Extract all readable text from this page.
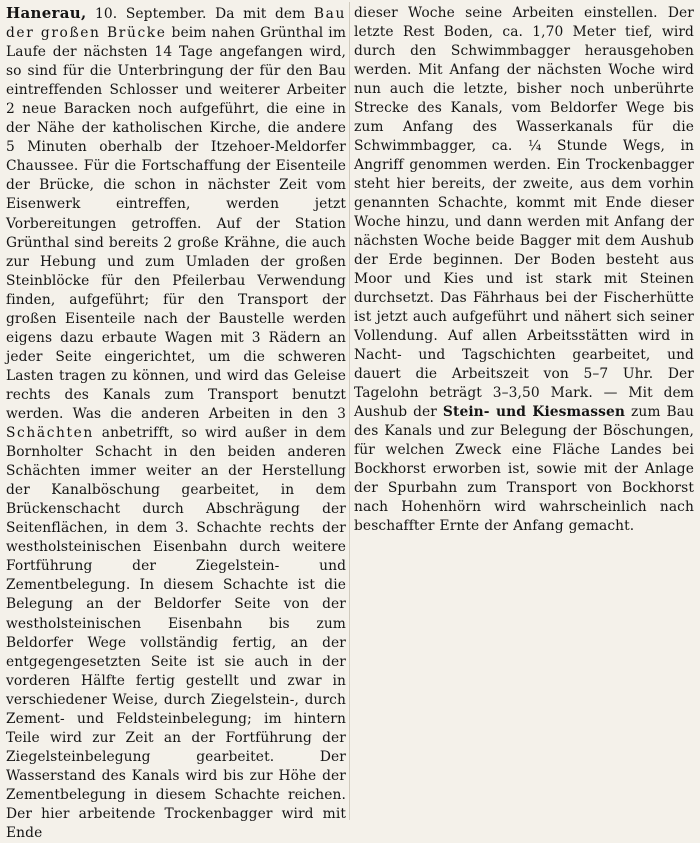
Hanerau, 10. September. Da mit dem Bau der großen Brücke beim nahen Grünthal im Laufe der nächsten 14 Tage angefangen wird, so sind für die Unterbringung der für den Bau eintreffenden Schlosser und weiterer Arbeiter 2 neue Baracken noch aufgeführt, die eine in der Nähe der katholischen Kirche, die andere 5 Minuten oberhalb der Itzehoer-Meldorfer Chaussee. Für die Fortschaffung der Eisenteile der Brücke, die schon in nächster Zeit vom Eisenwerk eintreffen, werden jetzt Vorbereitungen getroffen. Auf der Station Grünthal sind bereits 2 große Krähne, die auch zur Hebung und zum Umladen der großen Steinblöcke für den Pfeilerbau Verwendung finden, aufgeführt; für den Transport der großen Eisenteile nach der Baustelle werden eigens dazu erbaute Wagen mit 3 Rädern an jeder Seite eingerichtet, um die schweren Lasten tragen zu können, und wird das Geleise rechts des Kanals zum Transport benutzt werden. Was die anderen Arbeiten in den 3 Schächten anbetrifft, so wird außer in dem Bornholter Schacht in den beiden anderen Schächten immer weiter an der Herstellung der Kanalböschung gearbeitet, in dem Brückenschacht durch Abschrägung der Seitenflächen, in dem 3. Schachte rechts der westholsteinischen Eisenbahn durch weitere Fortführung der Ziegelstein- und Zementbelegung. In diesem Schachte ist die Belegung an der Beldorfer Seite von der westholsteinischen Eisenbahn bis zum Beldorfer Wege vollständig fertig, an der entgegengesetzten Seite ist sie auch in der vorderen Hälfte fertig gestellt und zwar in verschiedener Weise, durch Ziegelstein-, durch Zement- und Feldsteinbelegung; im hintern Teile wird zur Zeit an der Fortführung der Ziegelsteinbelegung gearbeitet. Der Wasserstand des Kanals wird bis zur Höhe der Zementbelegung in diesem Schachte reichen. Der hier arbeitende Trockenbagger wird mit Ende

dieser Woche seine Arbeiten einstellen. Der letzte Rest Boden, ca. 1,70 Meter tief, wird durch den Schwimmbagger herausgehoben werden. Mit Anfang der nächsten Woche wird nun auch die letzte, bisher noch unberührte Strecke des Kanals, vom Beldorfer Wege bis zum Anfang des Wasserkanals für die Schwimmbagger, ca. ¼ Stunde Wegs, in Angriff genommen werden. Ein Trockenbagger steht hier bereits, der zweite, aus dem vorhin genannten Schachte, kommt mit Ende dieser Woche hinzu, und dann werden mit Anfang der nächsten Woche beide Bagger mit dem Aushub der Erde beginnen. Der Boden besteht aus Moor und Kies und ist stark mit Steinen durchsetzt. Das Fährhaus bei der Fischerhütte ist jetzt auch aufgeführt und nähert sich seiner Vollendung. Auf allen Arbeitsstätten wird in Nacht- und Tagschichten gearbeitet, und dauert die Arbeitszeit von 5–7 Uhr. Der Tagelohn beträgt 3–3,50 Mark. — Mit dem Aushub der Stein- und Kiesmassen zum Bau des Kanals und zur Belegung der Böschungen, für welchen Zweck eine Fläche Landes bei Bockhorst erworben ist, sowie mit der Anlage der Spurbahn zum Transport von Bockhorst nach Hohenhörn wird wahrscheinlich nach beschaffter Ernte der Anfang gemacht.
